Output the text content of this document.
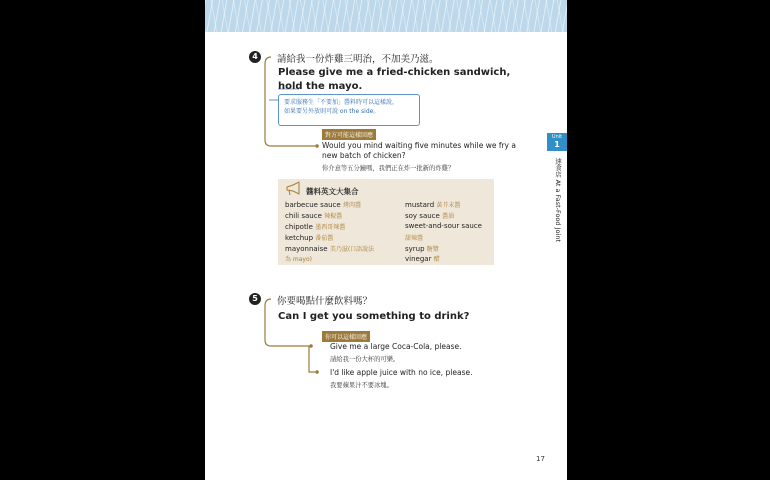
4	請給我一份炸雞三明治，不加美乃滋。
Please give me a fried-chicken sandwich,
hold the mayo.
要求服務生「不要加」醬料時可以這樣說，
如果要另外放則可說 on the side。
對方可能這樣回應
Would you mind waiting five minutes while we fry a
new batch of chicken?
你介意等五分鐘嗎，我們正在炸一批新的炸雞？
醬料英文大集合
barbecue sauce 烤肉醬
chili sauce 辣椒醬
chipotle 墨西哥辣醬
ketchup 番茄醬
mayonnaise 美乃滋(口語說法
為 mayo)
mustard 黃芥末醬
soy sauce 醬油
sweet-and-sour sauce
甜辣醬
syrup 糖漿
vinegar 醋
5	你要喝點什麼飲料嗎？
Can I get you something to drink?
你可以這樣回應
Give me a large Coca-Cola, please.
請給我一份大杯的可樂。
I'd like apple juice with no ice, please.
我要蘋果汁不要冰塊。
Unit
1
速食店 At a Fast-Food Joint
17
